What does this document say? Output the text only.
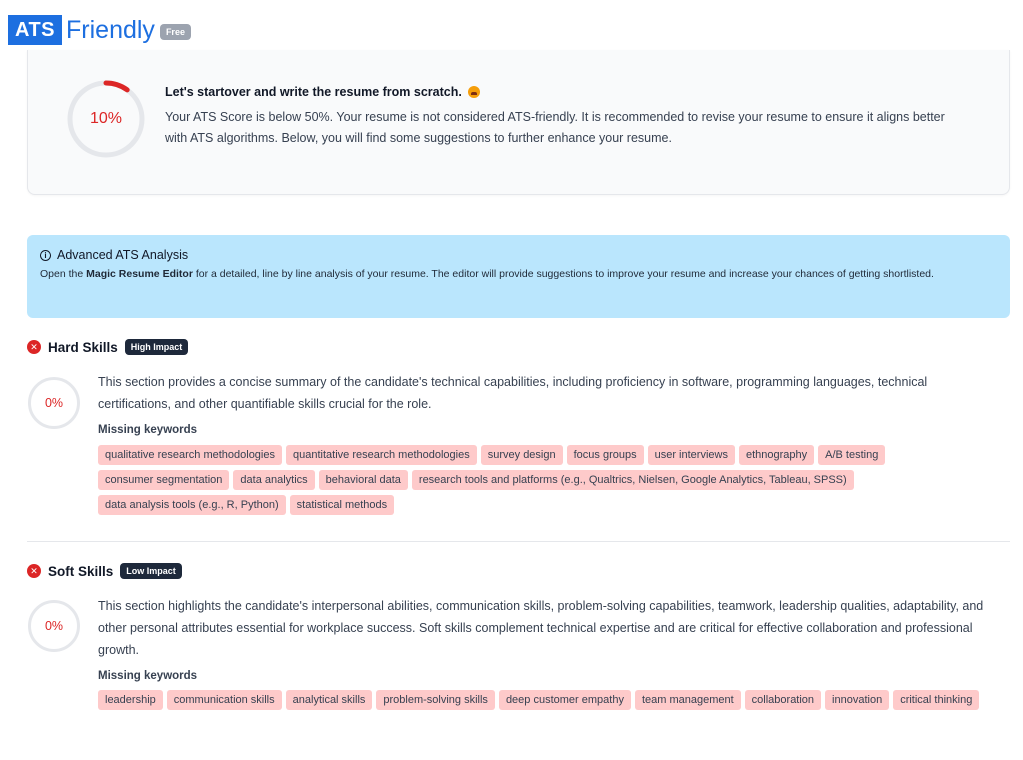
ATS Friendly	Free
10%
Let's startover and write the resume from scratch.
Your ATS Score is below 50%. Your resume is not considered ATS-friendly. It is recommended to revise your resume to ensure it aligns better with ATS algorithms. Below, you will find some suggestions to further enhance your resume.
i Advanced ATS Analysis
Open the Magic Resume Editor for a detailed, line by line analysis of your resume. The editor will provide suggestions to improve your resume and increase your chances of getting shortlisted.
✕ Hard Skills	High Impact
0%
This section provides a concise summary of the candidate's technical capabilities, including proficiency in software, programming languages, technical certifications, and other quantifiable skills crucial for the role.
Missing keywords
qualitative research methodologies	quantitative research methodologies	survey design	focus groups	user interviews	ethnography	A/B testing
consumer segmentation	data analytics	behavioral data	research tools and platforms (e.g., Qualtrics, Nielsen, Google Analytics, Tableau, SPSS)
data analysis tools (e.g., R, Python)	statistical methods
✕ Soft Skills	Low Impact
0%
This section highlights the candidate's interpersonal abilities, communication skills, problem-solving capabilities, teamwork, leadership qualities, adaptability, and other personal attributes essential for workplace success. Soft skills complement technical expertise and are critical for effective collaboration and professional growth.
Missing keywords
leadership	communication skills	analytical skills	problem-solving skills	deep customer empathy	team management	collaboration	innovation	critical thinking
